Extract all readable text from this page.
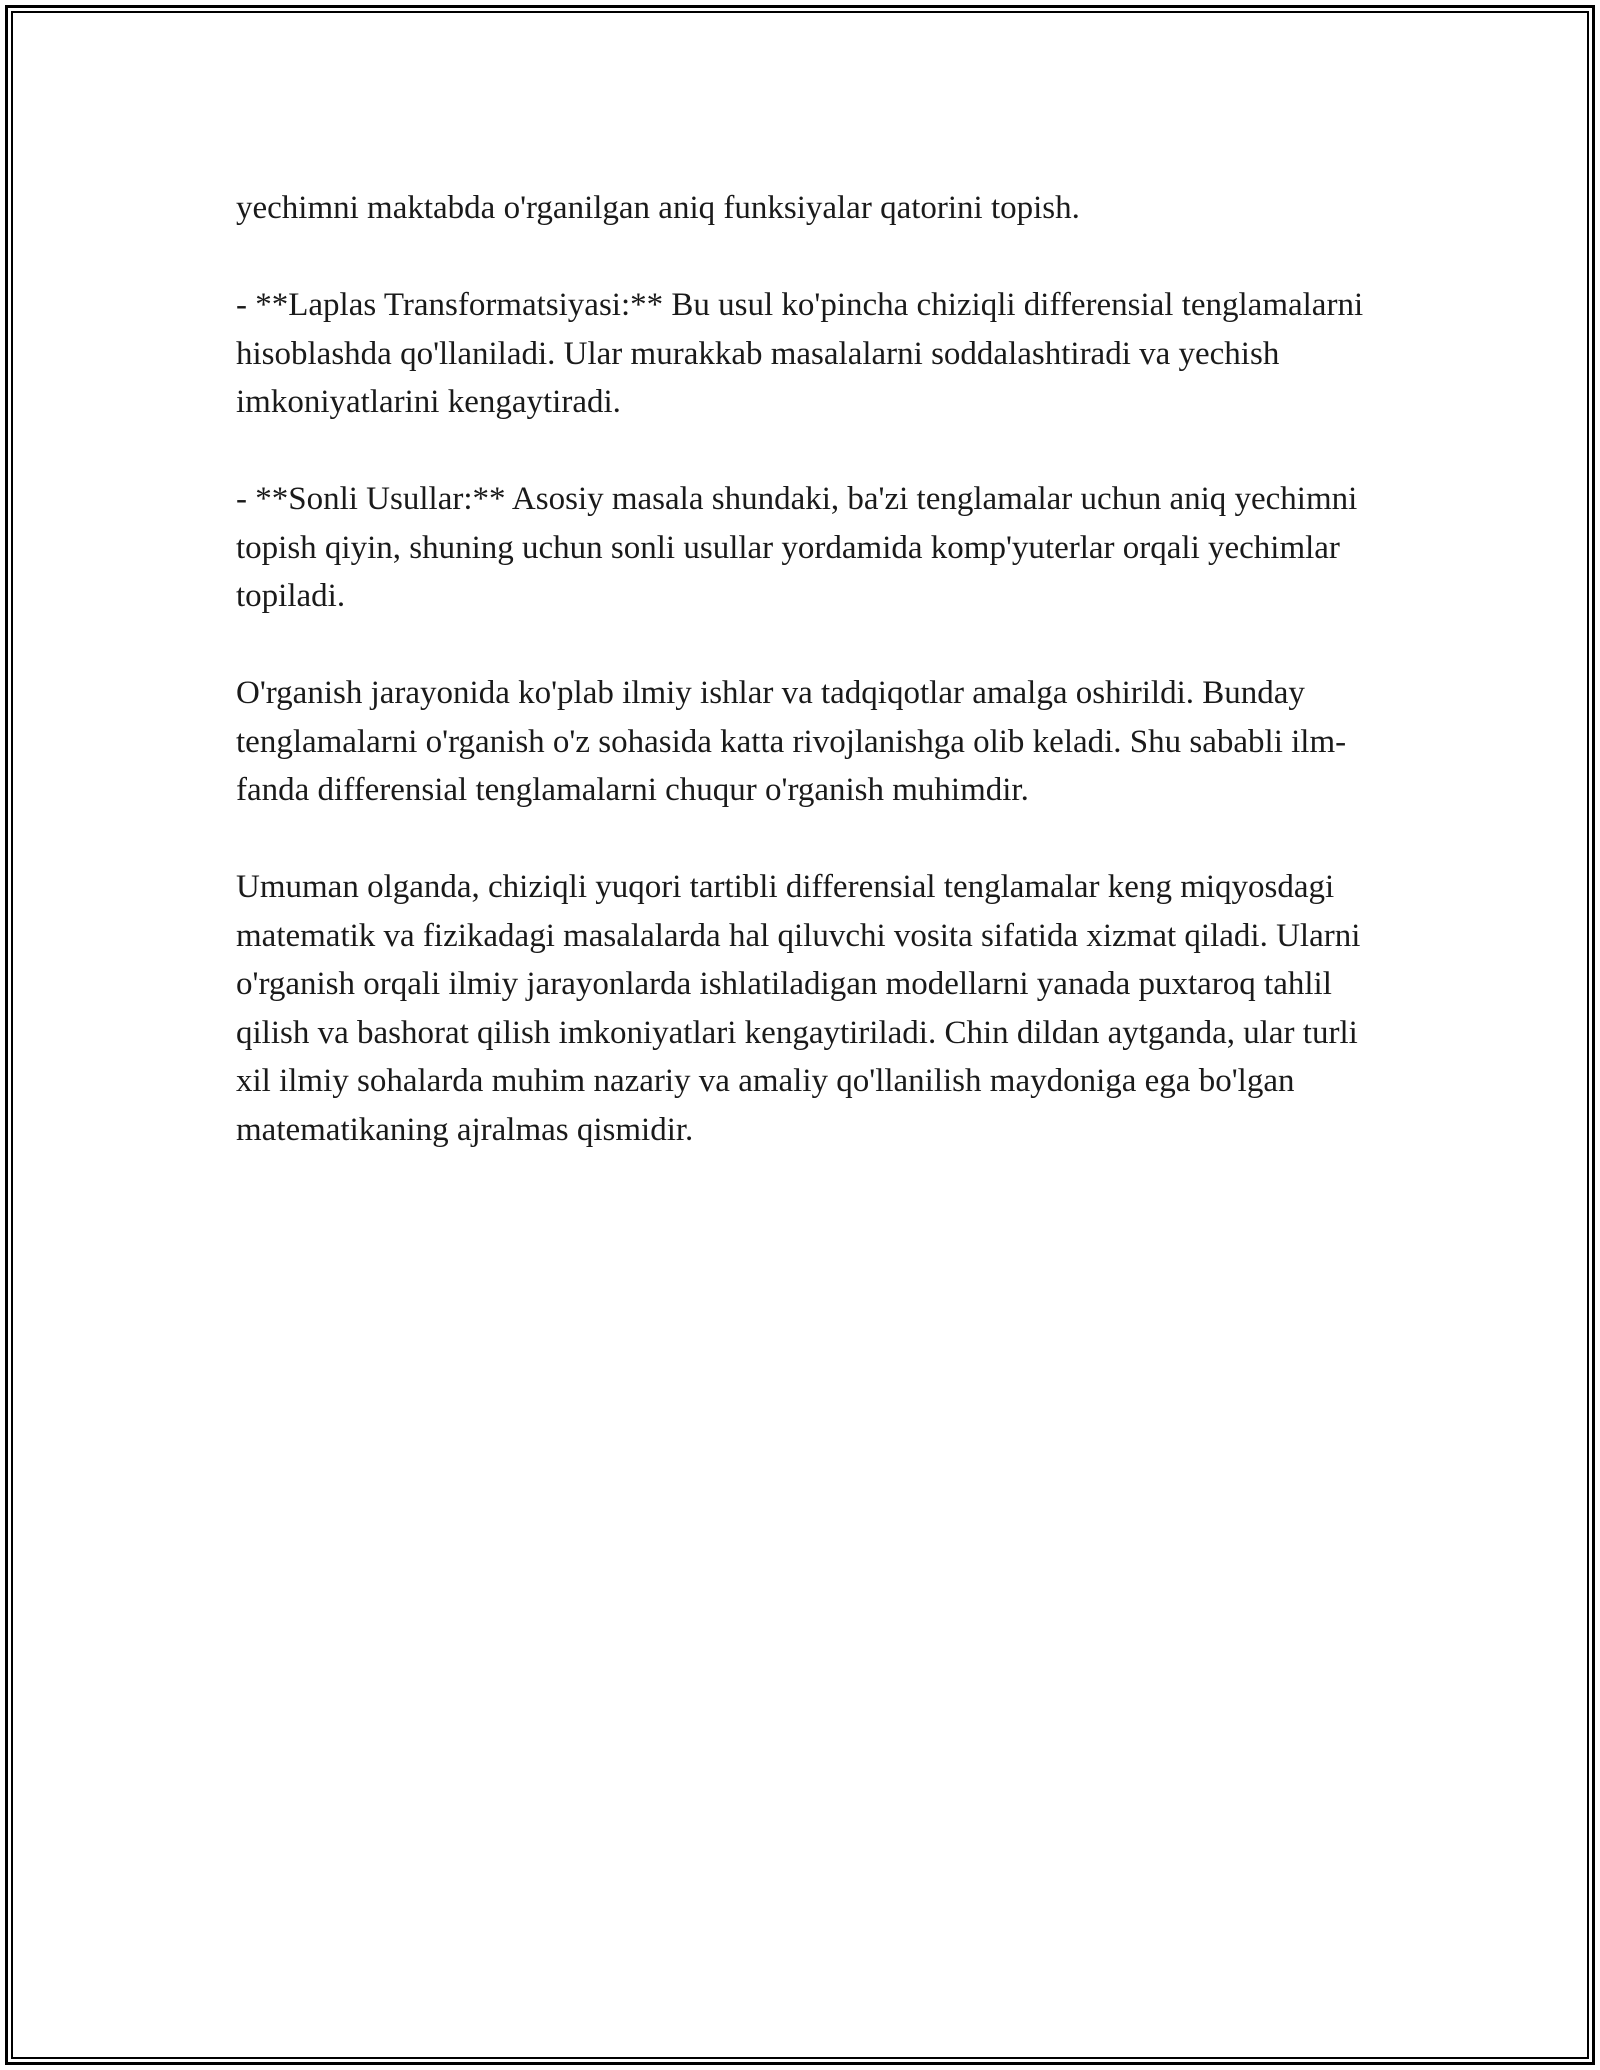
yechimni maktabda o'rganilgan aniq funksiyalar qatorini topish.

- **Laplas Transformatsiyasi:** Bu usul ko'pincha chiziqli differensial tenglamalarni hisoblashda qo'llaniladi. Ular murakkab masalalarni soddalashtiradi va yechish imkoniyatlarini kengaytiradi.

- **Sonli Usullar:** Asosiy masala shundaki, ba'zi tenglamalar uchun aniq yechimni topish qiyin, shuning uchun sonli usullar yordamida komp'yuterlar orqali yechimlar topiladi.

O'rganish jarayonida ko'plab ilmiy ishlar va tadqiqotlar amalga oshirildi. Bunday tenglamalarni o'rganish o'z sohasida katta rivojlanishga olib keladi. Shu sababli ilm-fanda differensial tenglamalarni chuqur o'rganish muhimdir.

Umuman olganda, chiziqli yuqori tartibli differensial tenglamalar keng miqyosdagi matematik va fizikadagi masalalarda hal qiluvchi vosita sifatida xizmat qiladi. Ularni o'rganish orqali ilmiy jarayonlarda ishlatiladigan modellarni yanada puxtaroq tahlil qilish va bashorat qilish imkoniyatlari kengaytiriladi. Chin dildan aytganda, ular turli xil ilmiy sohalarda muhim nazariy va amaliy qo'llanilish maydoniga ega bo'lgan matematikaning ajralmas qismidir.
